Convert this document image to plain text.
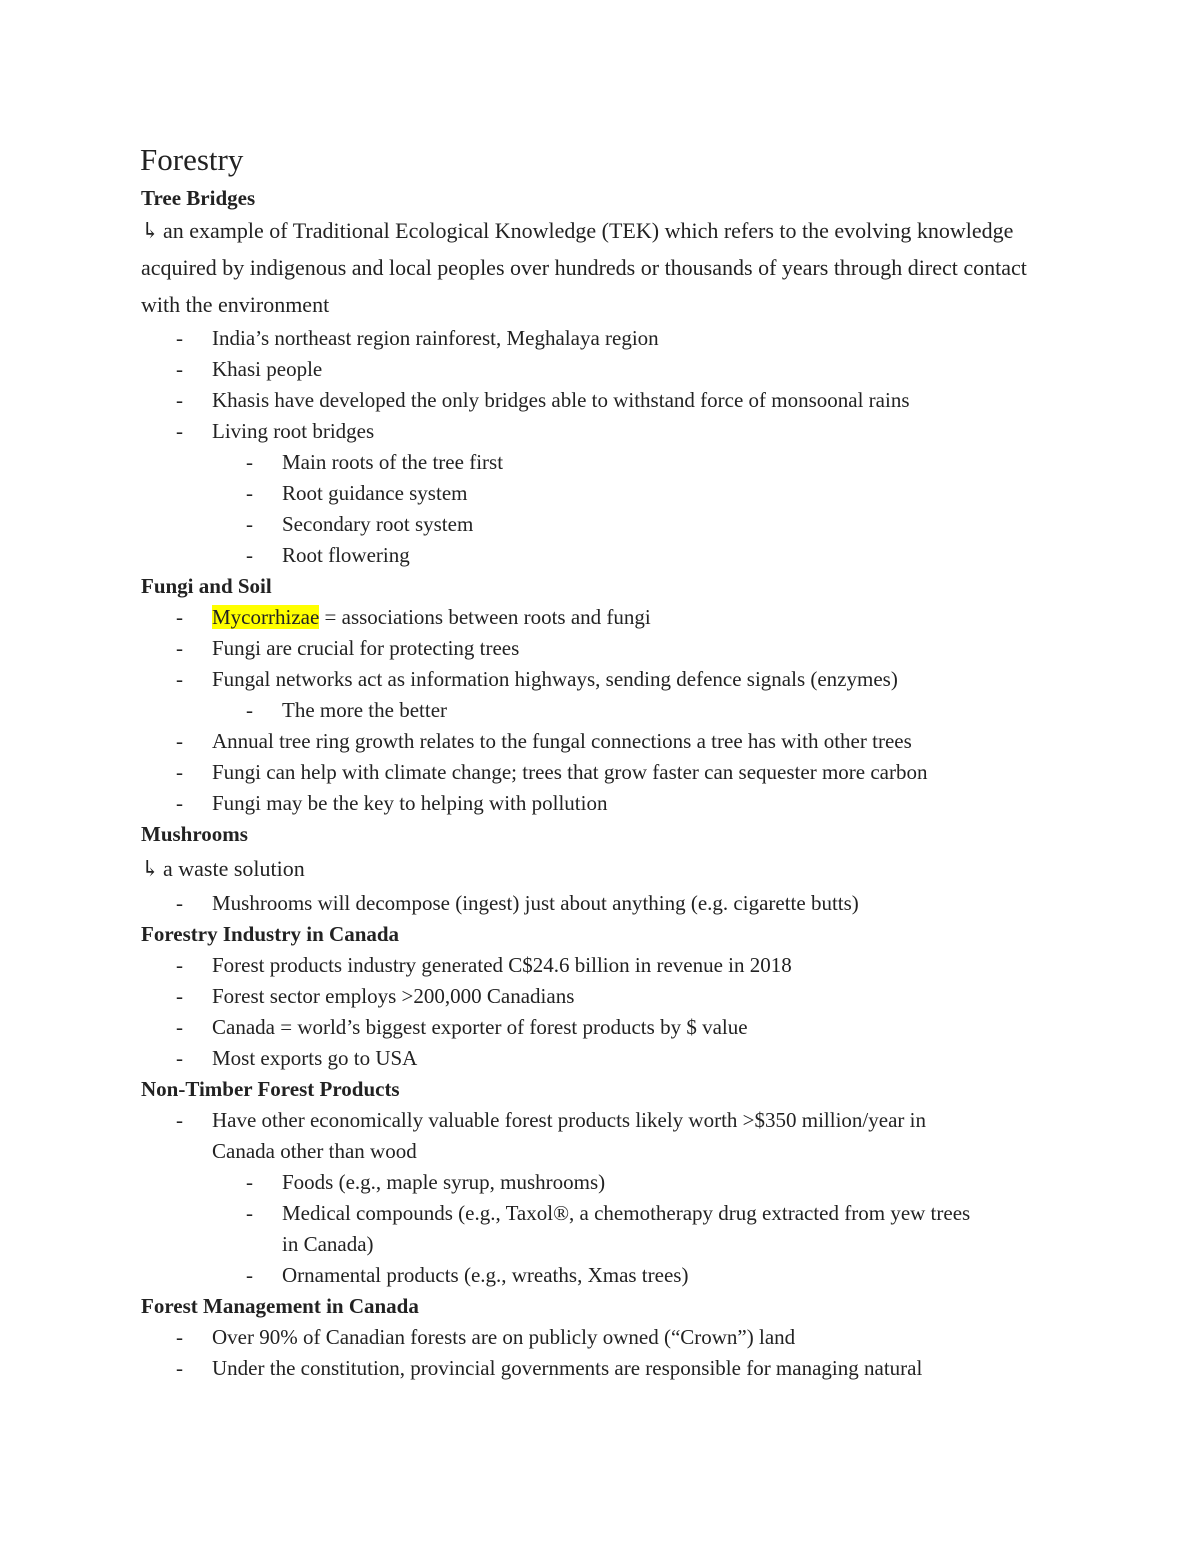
Forestry
Tree Bridges

↳ an example of Traditional Ecological Knowledge (TEK) which refers to the evolving knowledge acquired by indigenous and local peoples over hundreds or thousands of years through direct contact with the environment

- India’s northeast region rainforest, Meghalaya region
- Khasi people
- Khasis have developed the only bridges able to withstand force of monsoonal rains
- Living root bridges
- Main roots of the tree first
- Root guidance system
- Secondary root system
- Root flowering
Fungi and Soil
- Mycorrhizae = associations between roots and fungi
- Fungi are crucial for protecting trees
- Fungal networks act as information highways, sending defence signals (enzymes)
- The more the better
- Annual tree ring growth relates to the fungal connections a tree has with other trees
- Fungi can help with climate change; trees that grow faster can sequester more carbon
- Fungi may be the key to helping with pollution
Mushrooms

↳ a waste solution

- Mushrooms will decompose (ingest) just about anything (e.g. cigarette butts)
Forestry Industry in Canada
- Forest products industry generated C$24.6 billion in revenue in 2018
- Forest sector employs >200,000 Canadians
- Canada = world’s biggest exporter of forest products by $ value
- Most exports go to USA
Non-Timber Forest Products
- Have other economically valuable forest products likely worth >$350 million/year in
Canada other than wood
- Foods (e.g., maple syrup, mushrooms)
- Medical compounds (e.g., Taxol®, a chemotherapy drug extracted from yew trees
in Canada)
- Ornamental products (e.g., wreaths, Xmas trees)
Forest Management in Canada
- Over 90% of Canadian forests are on publicly owned (“Crown”) land
- Under the constitution, provincial governments are responsible for managing natural
